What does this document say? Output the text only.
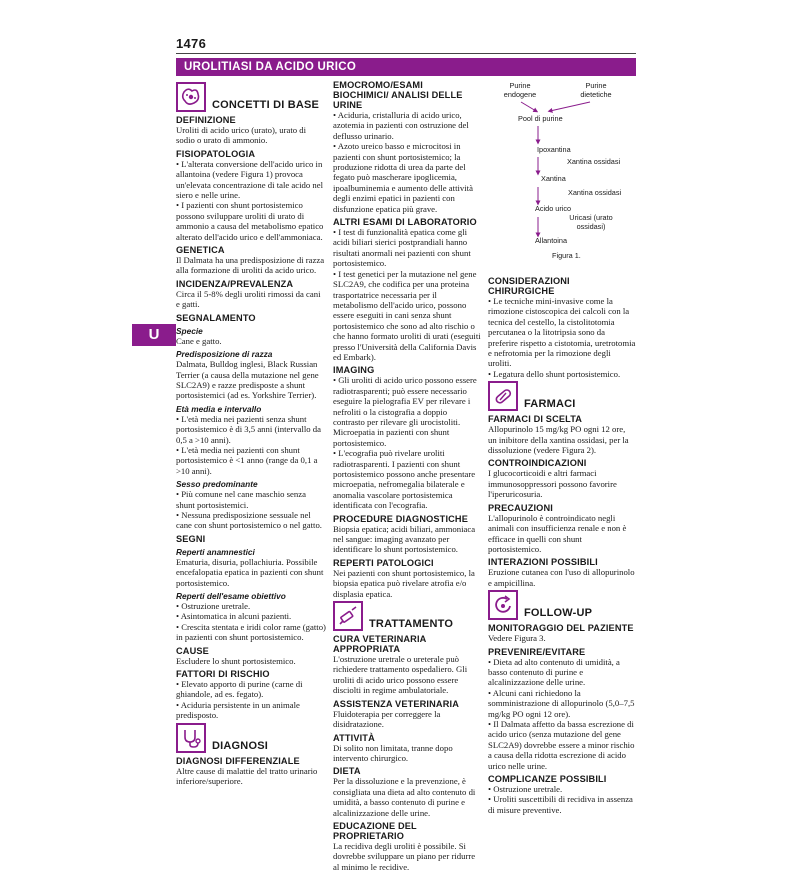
1476
UROLITIASI DA ACIDO URICO
U
CONCETTI DI BASE
DEFINIZIONE

Uroliti di acido urico (urato), urato di sodio o urato di ammonio.

FISIOPATOLOGIA

• L'alterata conversione dell'acido urico in allantoina (vedere Figura 1) provoca un'elevata concentrazione di tale acido nel siero e nelle urine.

• I pazienti con shunt portosistemico possono sviluppare uroliti di urato di ammonio a causa del metabolismo epatico alterato dell'acido urico e dell'ammoniaca.

GENETICA

Il Dalmata ha una predisposizione di razza alla formazione di uroliti da acido urico.

INCIDENZA/PREVALENZA

Circa il 5-8% degli uroliti rimossi da cani e gatti.

SEGNALAMENTO
Specie

Cane e gatto.

Predisposizione di razza

Dalmata, Bulldog inglesi, Black Russian Terrier (a causa della mutazione nel gene SLC2A9) e razze predisposte a shunt portosistemici (ad es. Yorkshire Terrier).

Età media e intervallo

• L'età media nei pazienti senza shunt portosistemico è di 3,5 anni (intervallo da 0,5 a >10 anni).

• L'età media nei pazienti con shunt portosistemico è <1 anno (range da 0,1 a >10 anni).

Sesso predominante

• Più comune nel cane maschio senza shunt portosistemici.

• Nessuna predisposizione sessuale nel cane con shunt portosistemico o nel gatto.

SEGNI
Reperti anamnestici

Ematuria, disuria, pollachiuria. Possibile encefalopatia epatica in pazienti con shunt portosistemico.

Reperti dell'esame obiettivo

• Ostruzione uretrale.

• Asintomatica in alcuni pazienti.

• Crescita stentata e iridi color rame (gatto) in pazienti con shunt portosistemico.

CAUSE

Escludere lo shunt portosistemico.

FATTORI DI RISCHIO

• Elevato apporto di purine (carne di ghiandole, ad es. fegato).

• Aciduria persistente in un animale predisposto.

DIAGNOSI
DIAGNOSI DIFFERENZIALE

Altre cause di malattie del tratto urinario inferiore/superiore.

EMOCROMO/ESAMI BIOCHIMICI/ ANALISI DELLE URINE

• Aciduria, cristalluria di acido urico, azotemia in pazienti con ostruzione del deflusso urinario.

• Azoto ureico basso e microcitosi in pazienti con shunt portosistemico; la produzione ridotta di urea da parte del fegato può mascherare ipoglicemia, ipoalbuminemia e aumento delle attività degli enzimi epatici in pazienti con disfunzione epatica più grave.

ALTRI ESAMI DI LABORATORIO

• I test di funzionalità epatica come gli acidi biliari sierici postprandiali hanno risultati anormali nei pazienti con shunt portosistemico.

• I test genetici per la mutazione nel gene SLC2A9, che codifica per una proteina trasportatrice necessaria per il metabolismo dell'acido urico, possono essere eseguiti in cani senza shunt portosistemico che sono ad alto rischio o che hanno formato uroliti di urati (eseguiti presso l'Università della California Davis ed Embark).

IMAGING

• Gli uroliti di acido urico possono essere radiotrasparenti; può essere necessario eseguire la pielografia EV per rilevare i nefroliti o la cistografia a doppio contrasto per rilevare gli urocistoliti. Microepatia in pazienti con shunt portosistemico.

• L'ecografia può rivelare uroliti radiotrasparenti. I pazienti con shunt portosistemico possono anche presentare microepatia, nefromegalia bilaterale e anomalia vascolare portosistemica identificata con l'ecografia.

PROCEDURE DIAGNOSTICHE

Biopsia epatica; acidi biliari, ammoniaca nel sangue: imaging avanzato per identificare lo shunt portosistemico.

REPERTI PATOLOGICI

Nei pazienti con shunt portosistemico, la biopsia epatica può rivelare atrofia e/o displasia epatica.

TRATTAMENTO
CURA VETERINARIA APPROPRIATA

L'ostruzione uretrale o ureterale può richiedere trattamento ospedaliero. Gli uroliti di acido urico possono essere disciolti in regime ambulatoriale.

ASSISTENZA VETERINARIA

Fluidoterapia per correggere la disidratazione.

ATTIVITÀ

Di solito non limitata, tranne dopo intervento chirurgico.

DIETA

Per la dissoluzione e la prevenzione, è consigliata una dieta ad alto contenuto di umidità, a basso contenuto di purine e alcalinizzazione delle urine.

EDUCAZIONE DEL PROPRIETARIO

La recidiva degli uroliti è possibile. Si dovrebbe sviluppare un piano per ridurre al minimo le recidive.

Purine endogene
Purine dietetiche
Pool di purine
Ipoxantina
Xantina ossidasi
Xantina
Xantina ossidasi
Acido urico
Uricasi (urato ossidasi)
Allantoina
Figura 1.
CONSIDERAZIONI CHIRURGICHE

• Le tecniche mini-invasive come la rimozione cistoscopica dei calcoli con la tecnica del cestello, la cistolitotomia percutanea o la litotripsia sono da preferire rispetto a cistotomia, uretrotomia e nefrotomia per la rimozione degli uroliti.

• Legatura dello shunt portosistemico.

FARMACI
FARMACI DI SCELTA

Allopurinolo 15 mg/kg PO ogni 12 ore, un inibitore della xantina ossidasi, per la dissoluzione (vedere Figura 2).

CONTROINDICAZIONI

I glucocorticoidi e altri farmaci immunosoppressori possono favorire l'iperuricosuria.

PRECAUZIONI

L'allopurinolo è controindicato negli animali con insufficienza renale e non è efficace in quelli con shunt portosistemico.

INTERAZIONI POSSIBILI

Eruzione cutanea con l'uso di allopurinolo e ampicillina.

FOLLOW-UP
MONITORAGGIO DEL PAZIENTE

Vedere Figura 3.

PREVENIRE/EVITARE

• Dieta ad alto contenuto di umidità, a basso contenuto di purine e alcalinizzazione delle urine.

• Alcuni cani richiedono la somministrazione di allopurinolo (5,0–7,5 mg/kg PO ogni 12 ore).

• Il Dalmata affetto da bassa escrezione di acido urico (senza mutazione del gene SLC2A9) dovrebbe essere a minor rischio a causa della ridotta escrezione di acido urico nelle urine.

COMPLICANZE POSSIBILI

• Ostruzione uretrale.

• Uroliti suscettibili di recidiva in assenza di misure preventive.
